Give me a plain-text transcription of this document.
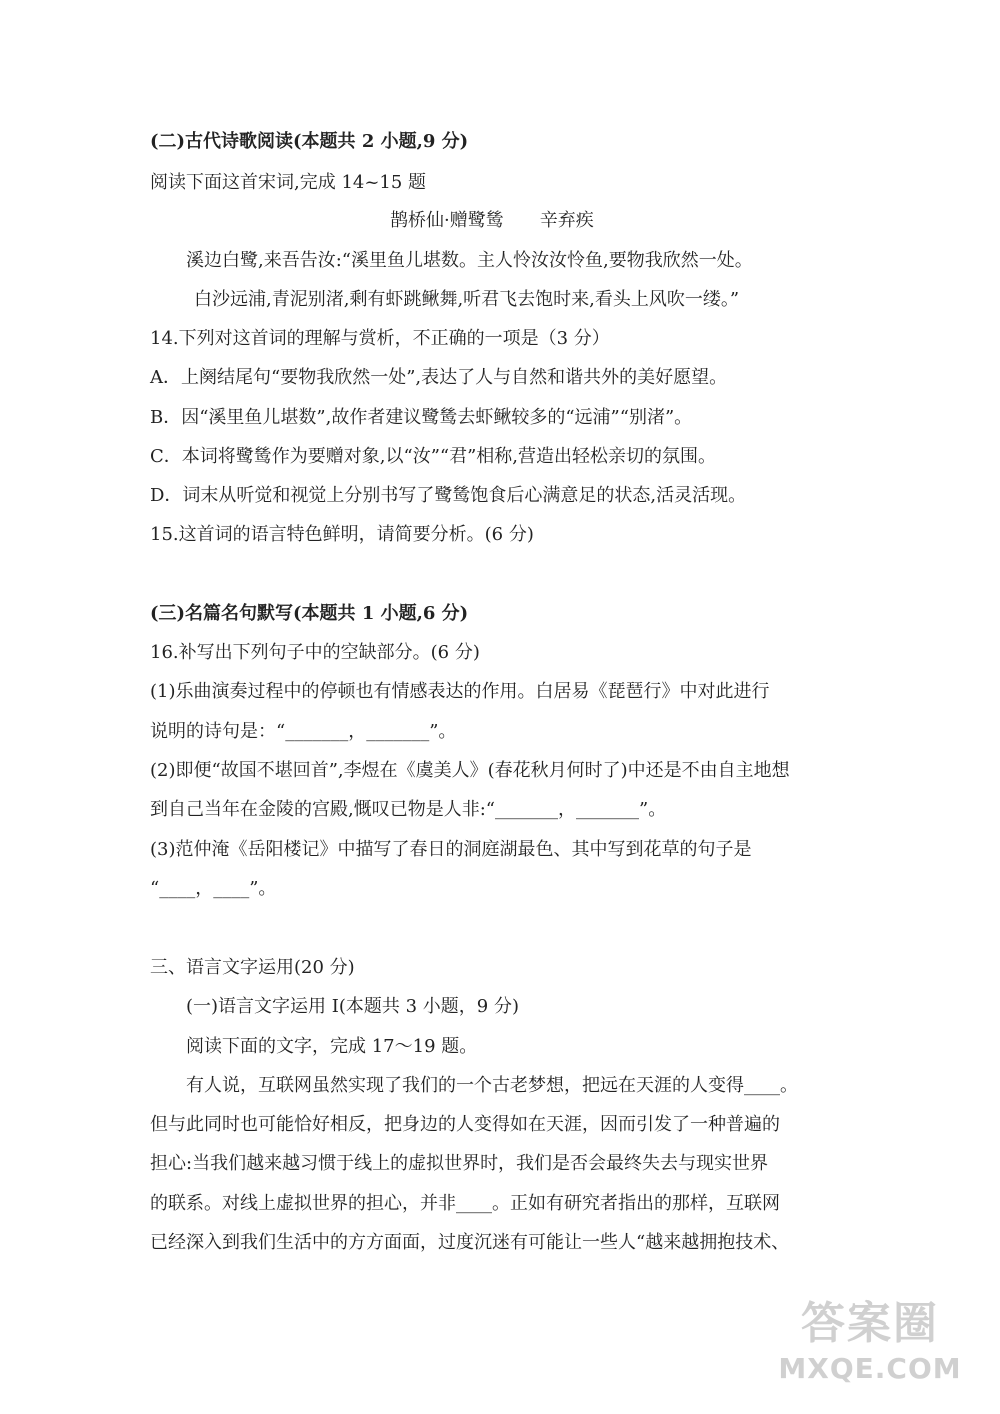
(二)古代诗歌阅读(本题共 2 小题,9 分)
阅读下面这首宋词,完成 14~15 题
鹊桥仙·赠鹭鸶　　辛弃疾
溪边白鹭,来吾告汝:“溪里鱼儿堪数。主人怜汝汝怜鱼,要物我欣然一处。
白沙远浦,青泥别渚,剩有虾跳鳅舞,听君飞去饱时来,看头上风吹一缕。”
14.下列对这首词的理解与赏析，不正确的一项是（3 分）
A．上阕结尾句“要物我欣然一处”,表达了人与自然和谐共外的美好愿望。
B．因“溪里鱼儿堪数”,故作者建议鹭鸶去虾鳅较多的“远浦”“别渚”。
C．本词将鹭鸶作为要赠对象,以“汝”“君”相称,营造出轻松亲切的氛围。
D．词末从听觉和视觉上分别书写了鹭鸶饱食后心满意足的状态,活灵活现。
15.这首词的语言特色鲜明，请简要分析。(6 分)
(三)名篇名句默写(本题共 1 小题,6 分)
16.补写出下列句子中的空缺部分。(6 分)
(1)乐曲演奏过程中的停顿也有情感表达的作用。白居易《琵琶行》中对此进行
说明的诗句是：“_______，_______”。
(2)即便“故国不堪回首”,李煜在《虞美人》(春花秋月何时了)中还是不由自主地想
到自己当年在金陵的宫殿,慨叹已物是人非:“_______，_______”。
(3)范仲淹《岳阳楼记》中描写了春日的洞庭湖最色、其中写到花草的句子是
“____，____”。
三、语言文字运用(20 分)
(一)语言文字运用 I(本题共 3 小题，9 分)
阅读下面的文字，完成 17～19 题。
有人说，互联网虽然实现了我们的一个古老梦想，把远在天涯的人变得____。
但与此同时也可能恰好相反，把身边的人变得如在天涯，因而引发了一种普遍的
担心:当我们越来越习惯于线上的虚拟世界时，我们是否会最终失去与现实世界
的联系。对线上虚拟世界的担心，并非____。正如有研究者指出的那样，互联网
已经深入到我们生活中的方方面面，过度沉迷有可能让一些人“越来越拥抱技术、
答案圈
MXQE.COM
